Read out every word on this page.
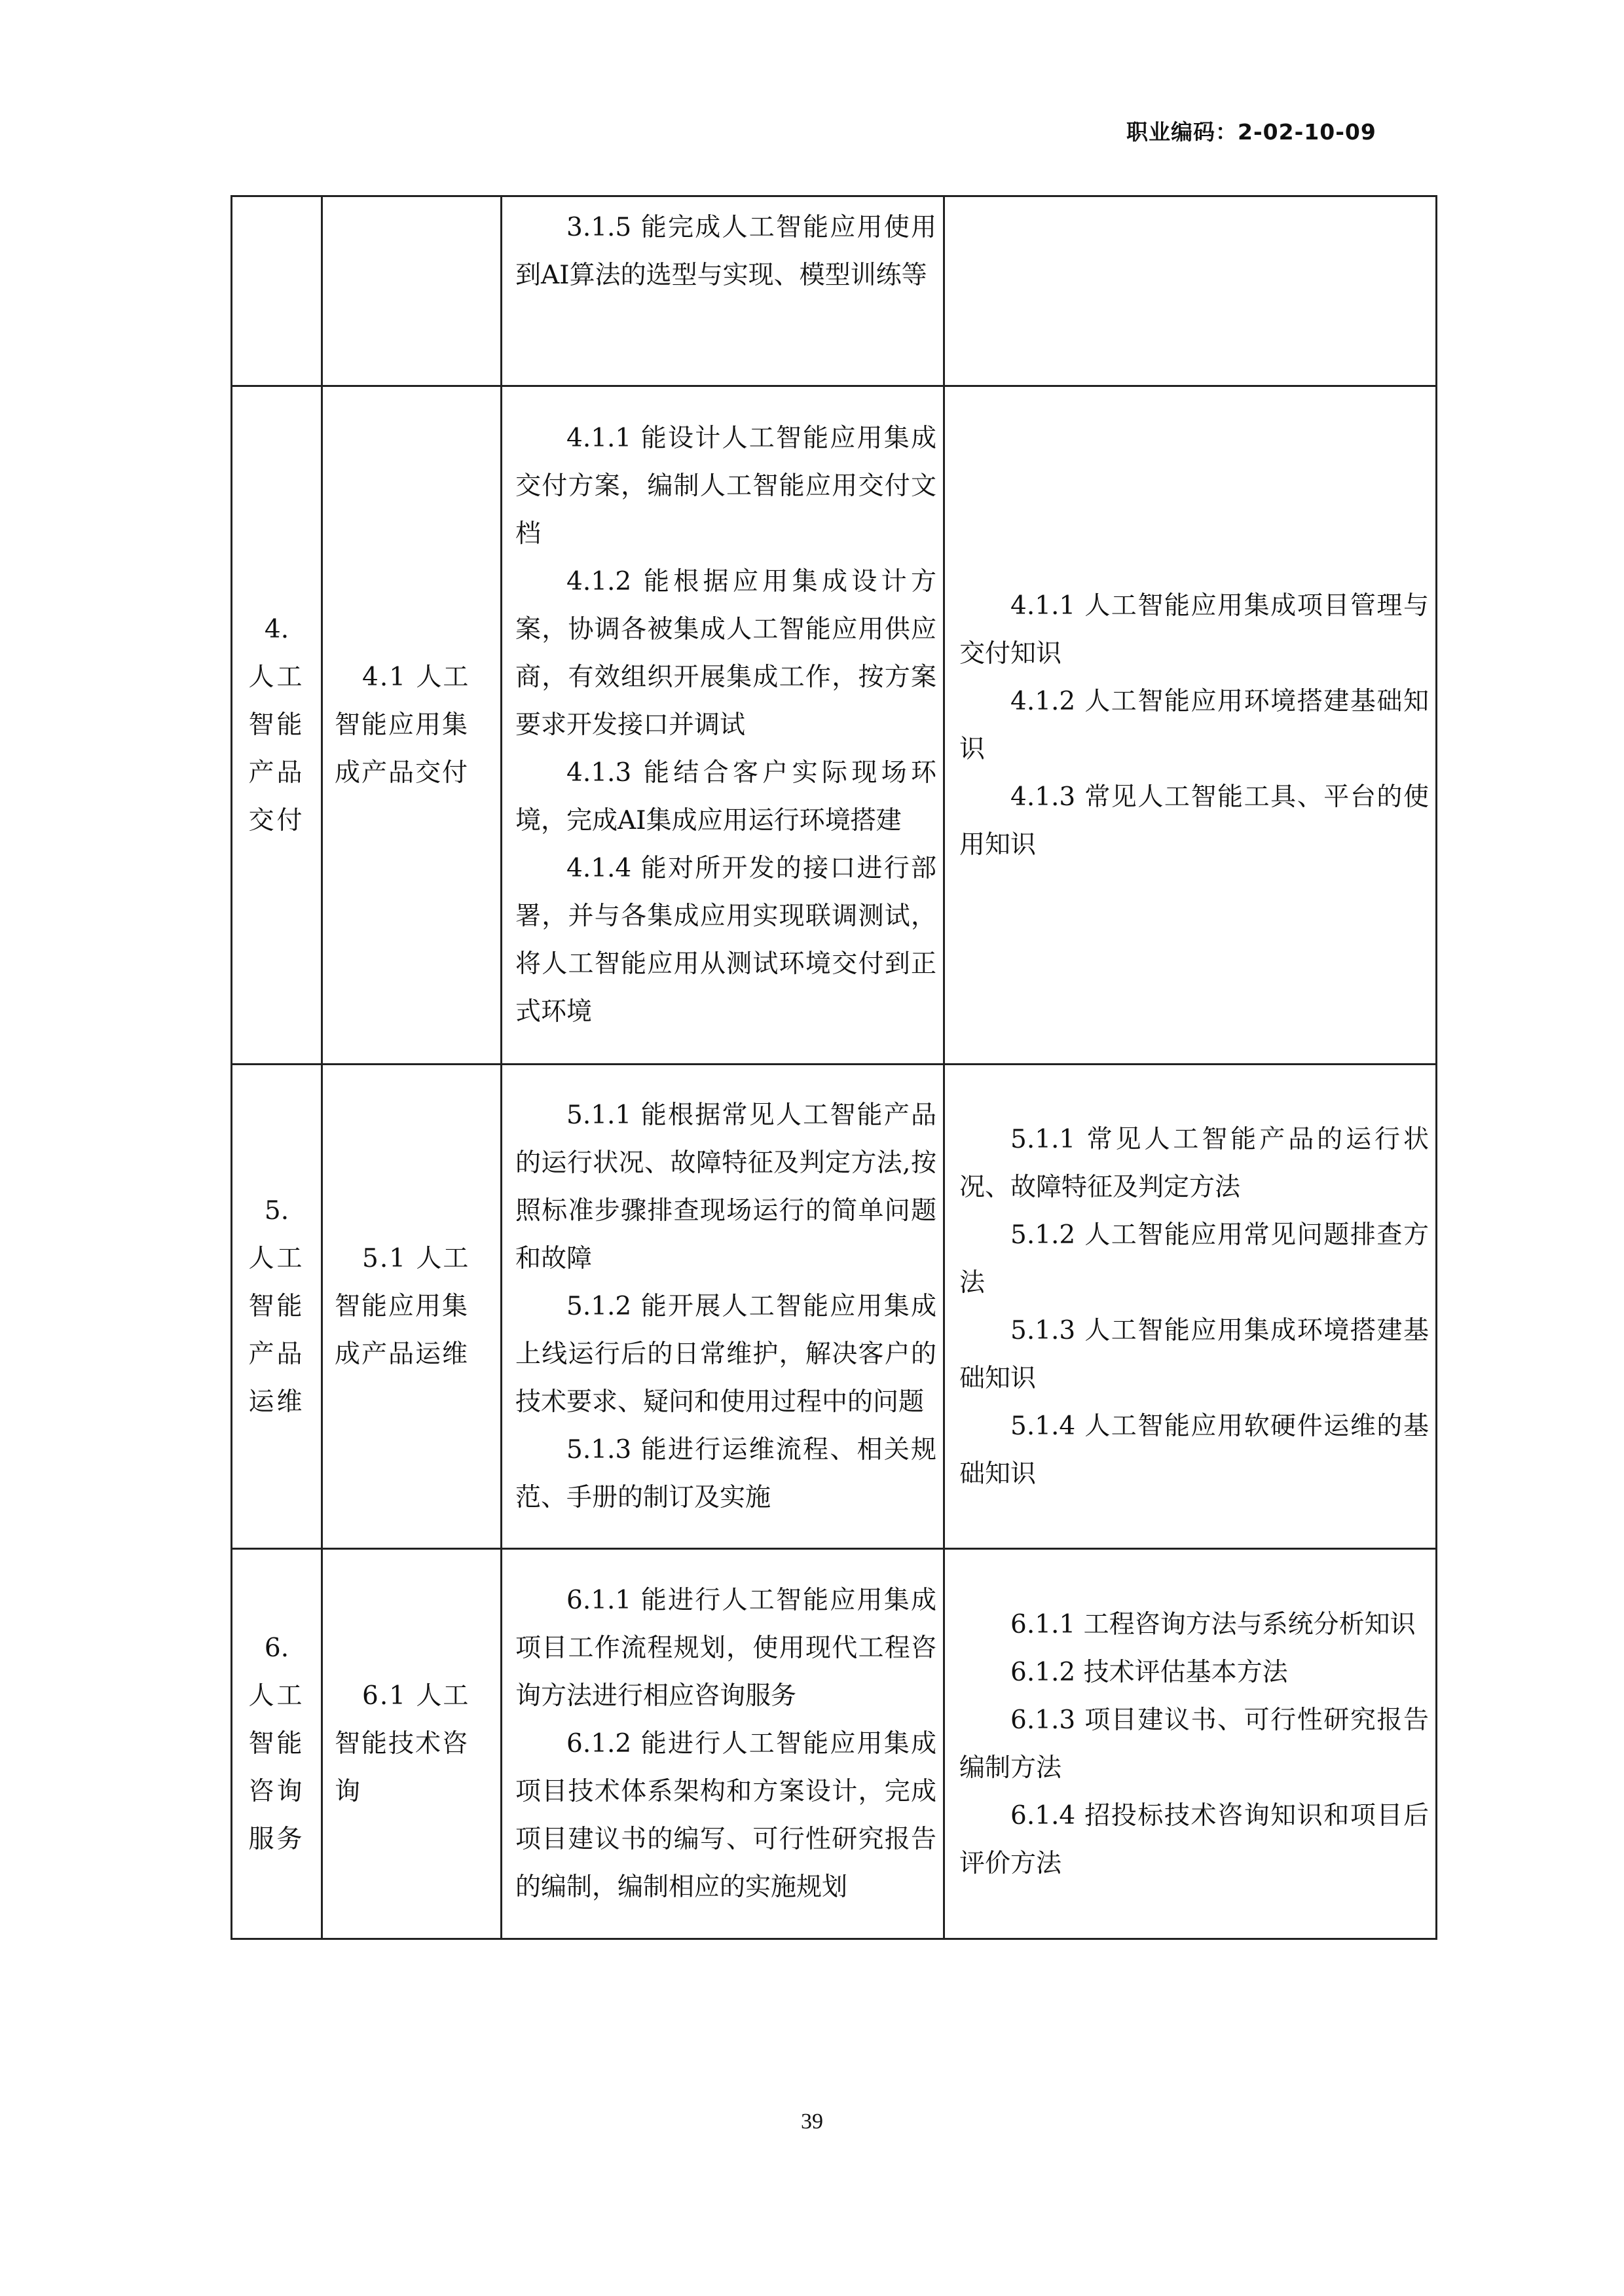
职业编码：2-02-10-09

		3.1.5 能完成人工智能应用使用到AI算法的选型与实现、模型训练等	

4.
人工
智能
产品
交付	4.1 人工
智能应用集
成产品交付	4.1.1 能设计人工智能应用集成交付方案，编制人工智能应用交付文档
4.1.2 能根据应用集成设计方案，协调各被集成人工智能应用供应商，有效组织开展集成工作，按方案要求开发接口并调试
4.1.3 能结合客户实际现场环境，完成AI集成应用运行环境搭建
4.1.4 能对所开发的接口进行部署，并与各集成应用实现联调测试，将人工智能应用从测试环境交付到正式环境	4.1.1 人工智能应用集成项目管理与交付知识
4.1.2 人工智能应用环境搭建基础知识
4.1.3 常见人工智能工具、平台的使用知识

5.
人工
智能
产品
运维	5.1 人工
智能应用集
成产品运维	5.1.1 能根据常见人工智能产品的运行状况、故障特征及判定方法,按照标准步骤排查现场运行的简单问题和故障
5.1.2 能开展人工智能应用集成上线运行后的日常维护，解决客户的技术要求、疑问和使用过程中的问题
5.1.3 能进行运维流程、相关规范、手册的制订及实施	5.1.1 常见人工智能产品的运行状况、故障特征及判定方法
5.1.2 人工智能应用常见问题排查方法
5.1.3 人工智能应用集成环境搭建基础知识
5.1.4 人工智能应用软硬件运维的基础知识

6.
人工
智能
咨询
服务	6.1 人工
智能技术咨
询	6.1.1 能进行人工智能应用集成项目工作流程规划，使用现代工程咨询方法进行相应咨询服务
6.1.2 能进行人工智能应用集成项目技术体系架构和方案设计，完成项目建议书的编写、可行性研究报告的编制，编制相应的实施规划	6.1.1 工程咨询方法与系统分析知识
6.1.2 技术评估基本方法
6.1.3 项目建议书、可行性研究报告编制方法
6.1.4 招投标技术咨询知识和项目后评价方法
39
